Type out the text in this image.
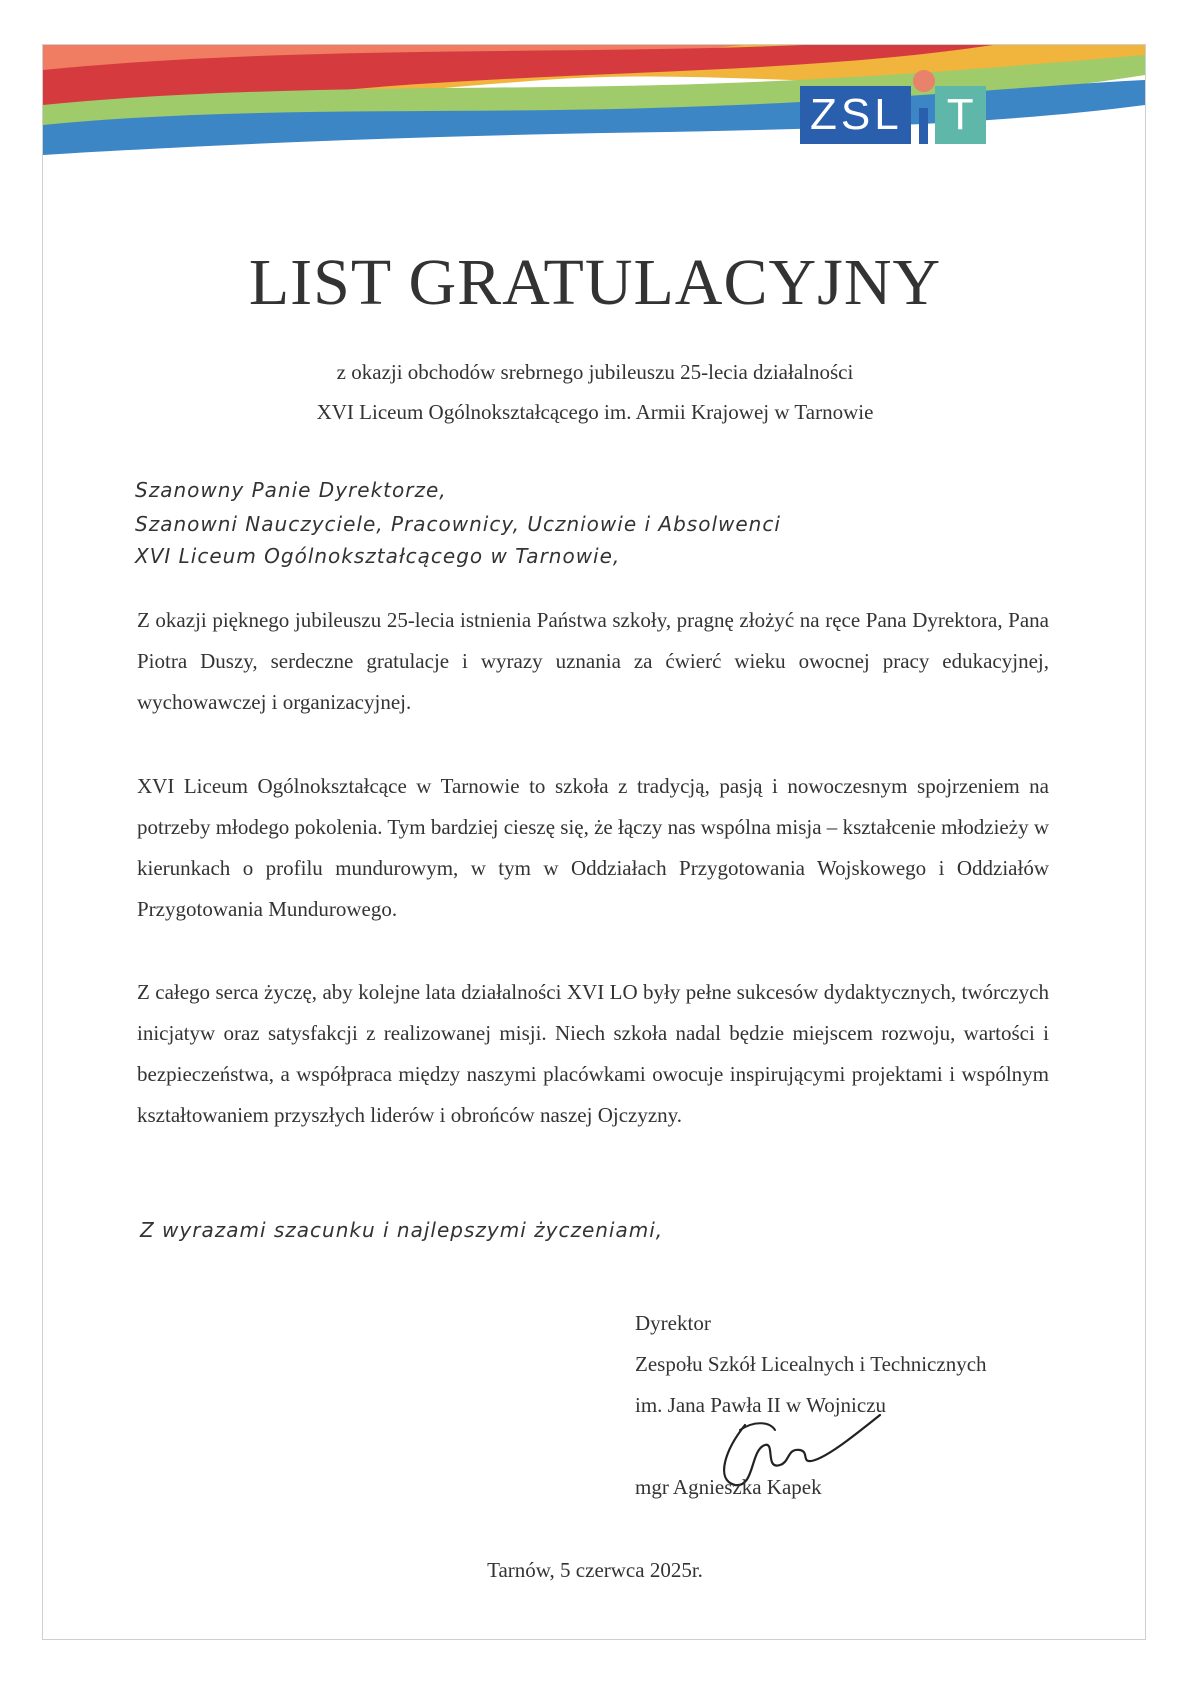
ZSL T
LIST GRATULACYJNY
z okazji obchodów srebrnego jubileuszu 25-lecia działalności
XVI Liceum Ogólnokształcącego im. Armii Krajowej w Tarnowie
Szanowny Panie Dyrektorze,
Szanowni Nauczyciele, Pracownicy, Uczniowie i Absolwenci
XVI Liceum Ogólnokształcącego w Tarnowie,

Z okazji pięknego jubileuszu 25-lecia istnienia Państwa szkoły, pragnę złożyć na ręce Pana Dyrektora, Pana Piotra Duszy, serdeczne gratulacje i wyrazy uznania za ćwierć wieku owocnej pracy edukacyjnej, wychowawczej i organizacyjnej.

XVI Liceum Ogólnokształcące w Tarnowie to szkoła z tradycją, pasją i nowoczesnym spojrzeniem na potrzeby młodego pokolenia. Tym bardziej cieszę się, że łączy nas wspólna misja – kształcenie młodzieży w kierunkach o profilu mundurowym, w tym w Oddziałach Przygotowania Wojskowego i Oddziałów Przygotowania Mundurowego.

Z całego serca życzę, aby kolejne lata działalności XVI LO były pełne sukcesów dydaktycznych, twórczych inicjatyw oraz satysfakcji z realizowanej misji. Niech szkoła nadal będzie miejscem rozwoju, wartości i bezpieczeństwa, a współpraca między naszymi placówkami owocuje inspirującymi projektami i wspólnym kształtowaniem przyszłych liderów i obrońców naszej Ojczyzny.

Z wyrazami szacunku i najlepszymi życzeniami,
Dyrektor
Zespołu Szkół Licealnych i Technicznych
im. Jana Pawła II w Wojniczu
mgr Agnieszka Kapek
Tarnów, 5 czerwca 2025r.
